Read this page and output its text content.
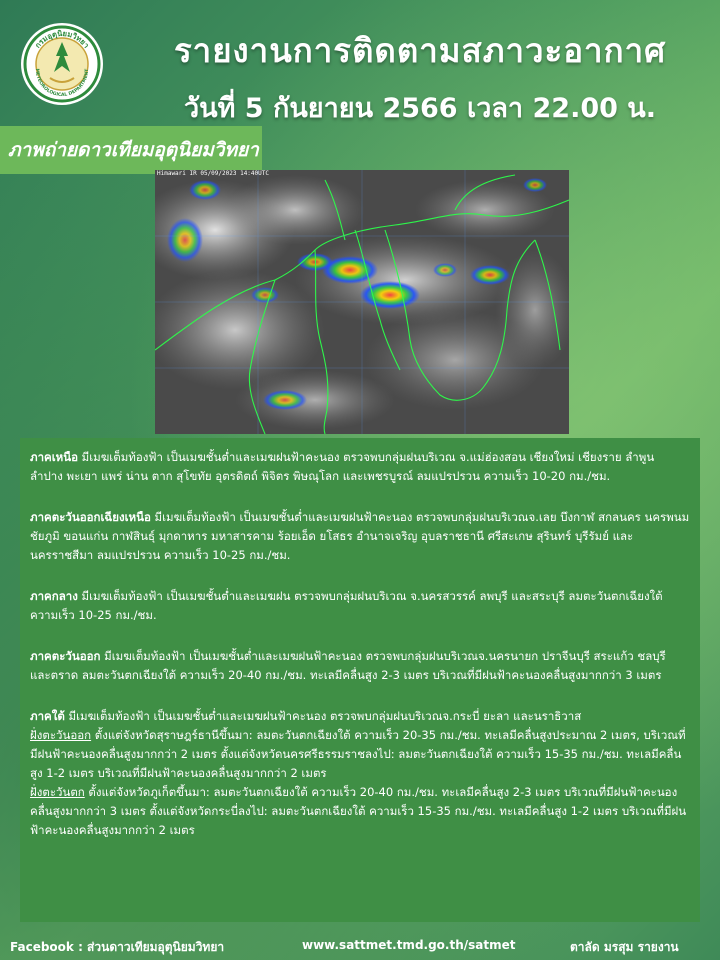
กรมอุตุนิยมวิทยา
METEOROLOGICAL DEPARTMENT
รายงานการติดตามสภาวะอากาศ
วันที่ 5 กันยายน 2566 เวลา 22.00 น.
ภาพถ่ายดาวเทียมอุตุนิยมวิทยา
Himawari IR 05/09/2023 14:40UTC

ภาคเหนือ มีเมฆเต็มท้องฟ้า เป็นเมฆชั้นต่ำและเมฆฝนฟ้าคะนอง ตรวจพบกลุ่มฝนบริเวณ จ.แม่ฮ่องสอน เชียงใหม่ เชียงราย ลำพูน ลำปาง พะเยา แพร่ น่าน ตาก สุโขทัย อุตรดิตถ์ พิจิตร พิษณุโลก และเพชรบูรณ์ ลมแปรปรวน ความเร็ว 10-20 กม./ชม.

ภาคตะวันออกเฉียงเหนือ มีเมฆเต็มท้องฟ้า เป็นเมฆชั้นต่ำและเมฆฝนฟ้าคะนอง ตรวจพบกลุ่มฝนบริเวณจ.เลย บึงกาฬ สกลนคร นครพนม ชัยภูมิ ขอนแก่น กาฬสินธุ์ มุกดาหาร มหาสารคาม ร้อยเอ็ด ยโสธร อำนาจเจริญ อุบลราชธานี ศรีสะเกษ สุรินทร์ บุรีรัมย์ และนครราชสีมา ลมแปรปรวน ความเร็ว 10-25 กม./ชม.

ภาคกลาง มีเมฆเต็มท้องฟ้า เป็นเมฆชั้นต่ำและเมฆฝน ตรวจพบกลุ่มฝนบริเวณ จ.นครสวรรค์ ลพบุรี และสระบุรี ลมตะวันตกเฉียงใต้ ความเร็ว 10-25 กม./ชม.

ภาคตะวันออก มีเมฆเต็มท้องฟ้า เป็นเมฆชั้นต่ำและเมฆฝนฟ้าคะนอง ตรวจพบกลุ่มฝนบริเวณจ.นครนายก ปราจีนบุรี สระแก้ว ชลบุรี และตราด ลมตะวันตกเฉียงใต้ ความเร็ว 20-40 กม./ชม. ทะเลมีคลื่นสูง 2-3 เมตร บริเวณที่มีฝนฟ้าคะนองคลื่นสูงมากกว่า 3 เมตร

ภาคใต้ มีเมฆเต็มท้องฟ้า เป็นเมฆชั้นต่ำและเมฆฝนฟ้าคะนอง ตรวจพบกลุ่มฝนบริเวณจ.กระบี่ ยะลา และนราธิวาส
ฝั่งตะวันออก ตั้งแต่จังหวัดสุราษฎร์ธานีขึ้นมา: ลมตะวันตกเฉียงใต้ ความเร็ว 20-35 กม./ชม. ทะเลมีคลื่นสูงประมาณ 2 เมตร, บริเวณที่มีฝนฟ้าคะนองคลื่นสูงมากกว่า 2 เมตร ตั้งแต่จังหวัดนครศรีธรรมราชลงไป: ลมตะวันตกเฉียงใต้ ความเร็ว 15-35 กม./ชม. ทะเลมีคลื่นสูง 1-2 เมตร บริเวณที่มีฝนฟ้าคะนองคลื่นสูงมากกว่า 2 เมตร
ฝั่งตะวันตก ตั้งแต่จังหวัดภูเก็ตขึ้นมา: ลมตะวันตกเฉียงใต้ ความเร็ว 20-40 กม./ชม. ทะเลมีคลื่นสูง 2-3 เมตร บริเวณที่มีฝนฟ้าคะนองคลื่นสูงมากกว่า 3 เมตร ตั้งแต่จังหวัดกระบี่ลงไป: ลมตะวันตกเฉียงใต้ ความเร็ว 15-35 กม./ชม. ทะเลมีคลื่นสูง 1-2 เมตร บริเวณที่มีฝนฟ้าคะนองคลื่นสูงมากกว่า 2 เมตร

Facebook : ส่วนดาวเทียมอุตุนิยมวิทยา	www.sattmet.tmd.go.th/satmet	ตาลัด มรสุม รายงาน
